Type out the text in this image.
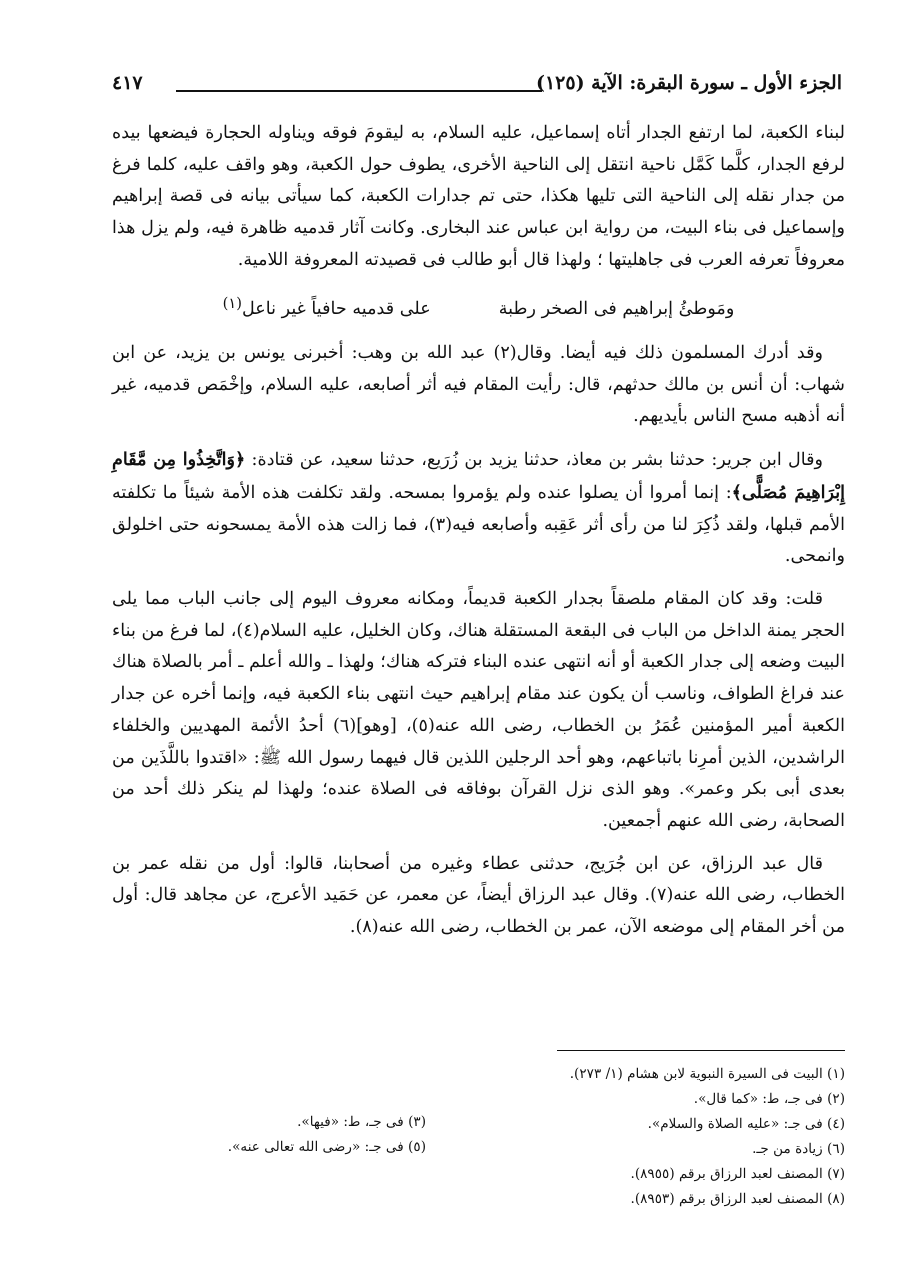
الجزء الأول ـ سورة البقرة: الآية (١٢٥)
٤١٧

لبناء الكعبة، لما ارتفع الجدار أتاه إسماعيل، عليه السلام، به ليقومَ فوقه ويناوله الحجارة فيضعها بيده لرفع الجدار، كلَّما كَمَّل ناحية انتقل إلى الناحية الأخرى، يطوف حول الكعبة، وهو واقف عليه، كلما فرغ من جدار نقله إلى الناحية التى تليها هكذا، حتى تم جدارات الكعبة، كما سيأتى بيانه فى قصة إبراهيم وإسماعيل فى بناء البيت، من رواية ابن عباس عند البخارى. وكانت آثار قدميه ظاهرة فيه، ولم يزل هذا معروفاً تعرفه العرب فى جاهليتها ؛ ولهذا قال أبو طالب فى قصيدته المعروفة اللامية.

ومَوطئُ إبراهيم فى الصخر رطبةعلى قدميه حافياً غير ناعل$^{(١)}$

وقد أدرك المسلمون ذلك فيه أيضا. وقال(٢) عبد الله بن وهب: أخبرنى يونس بن يزيد، عن ابن شهاب: أن أنس بن مالك حدثهم، قال: رأيت المقام فيه أثر أصابعه، عليه السلام، وإخْمَص قدميه، غير أنه أذهبه مسح الناس بأيديهم.

وقال ابن جرير: حدثنا بشر بن معاذ، حدثنا يزيد بن زُرَيع، حدثنا سعيد، عن قتادة: ﴿وَاتَّخِذُوا مِن مَّقَامِ إِبْرَاهِيمَ مُصَلًّى﴾: إنما أمروا أن يصلوا عنده ولم يؤمروا بمسحه. ولقد تكلفت هذه الأمة شيئاً ما تكلفته الأمم قبلها، ولقد ذُكِرَ لنا من رأى أثر عَقِبه وأصابعه فيه(٣)، فما زالت هذه الأمة يمسحونه حتى اخلولق وانمحى.

قلت: وقد كان المقام ملصقاً بجدار الكعبة قديماً، ومكانه معروف اليوم إلى جانب الباب مما يلى الحجر يمنة الداخل من الباب فى البقعة المستقلة هناك، وكان الخليل، عليه السلام(٤)، لما فرغ من بناء البيت وضعه إلى جدار الكعبة أو أنه انتهى عنده البناء فتركه هناك؛ ولهذا ـ والله أعلم ـ أمر بالصلاة هناك عند فراغ الطواف، وناسب أن يكون عند مقام إبراهيم حيث انتهى بناء الكعبة فيه، وإنما أخره عن جدار الكعبة أمير المؤمنين عُمَرُ بن الخطاب، رضى الله عنه(٥)، [وهو](٦) أحدُ الأئمة المهديين والخلفاء الراشدين، الذين أمرِنا باتباعهم، وهو أحد الرجلين اللذين قال فيهما رسول الله ﷺ: «اقتدوا باللَّذَين من بعدى أبى بكر وعمر». وهو الذى نزل القرآن بوفاقه فى الصلاة عنده؛ ولهذا لم ينكر ذلك أحد من الصحابة، رضى الله عنهم أجمعين.

قال عبد الرزاق، عن ابن جُرَيج، حدثنى عطاء وغيره من أصحابنا، قالوا: أول من نقله عمر بن الخطاب، رضى الله عنه(٧). وقال عبد الرزاق أيضاً، عن معمر، عن حَمَيد الأعرج، عن مجاهد قال: أول من أخر المقام إلى موضعه الآن، عمر بن الخطاب، رضى الله عنه(٨).

(١) البيت فى السيرة النبوية لابن هشام (١/ ٢٧٣).
(٢) فى جـ، ط: «كما قال».
(٤) فى جـ: «عليه الصلاة والسلام».
(٦) زيادة من جـ.
(٧) المصنف لعبد الرزاق برقم (٨٩٥٥).
(٨) المصنف لعبد الرزاق برقم (٨٩٥٣).
(٣) فى جـ، ط: «فيها».
(٥) فى جـ: «رضى الله تعالى عنه».
